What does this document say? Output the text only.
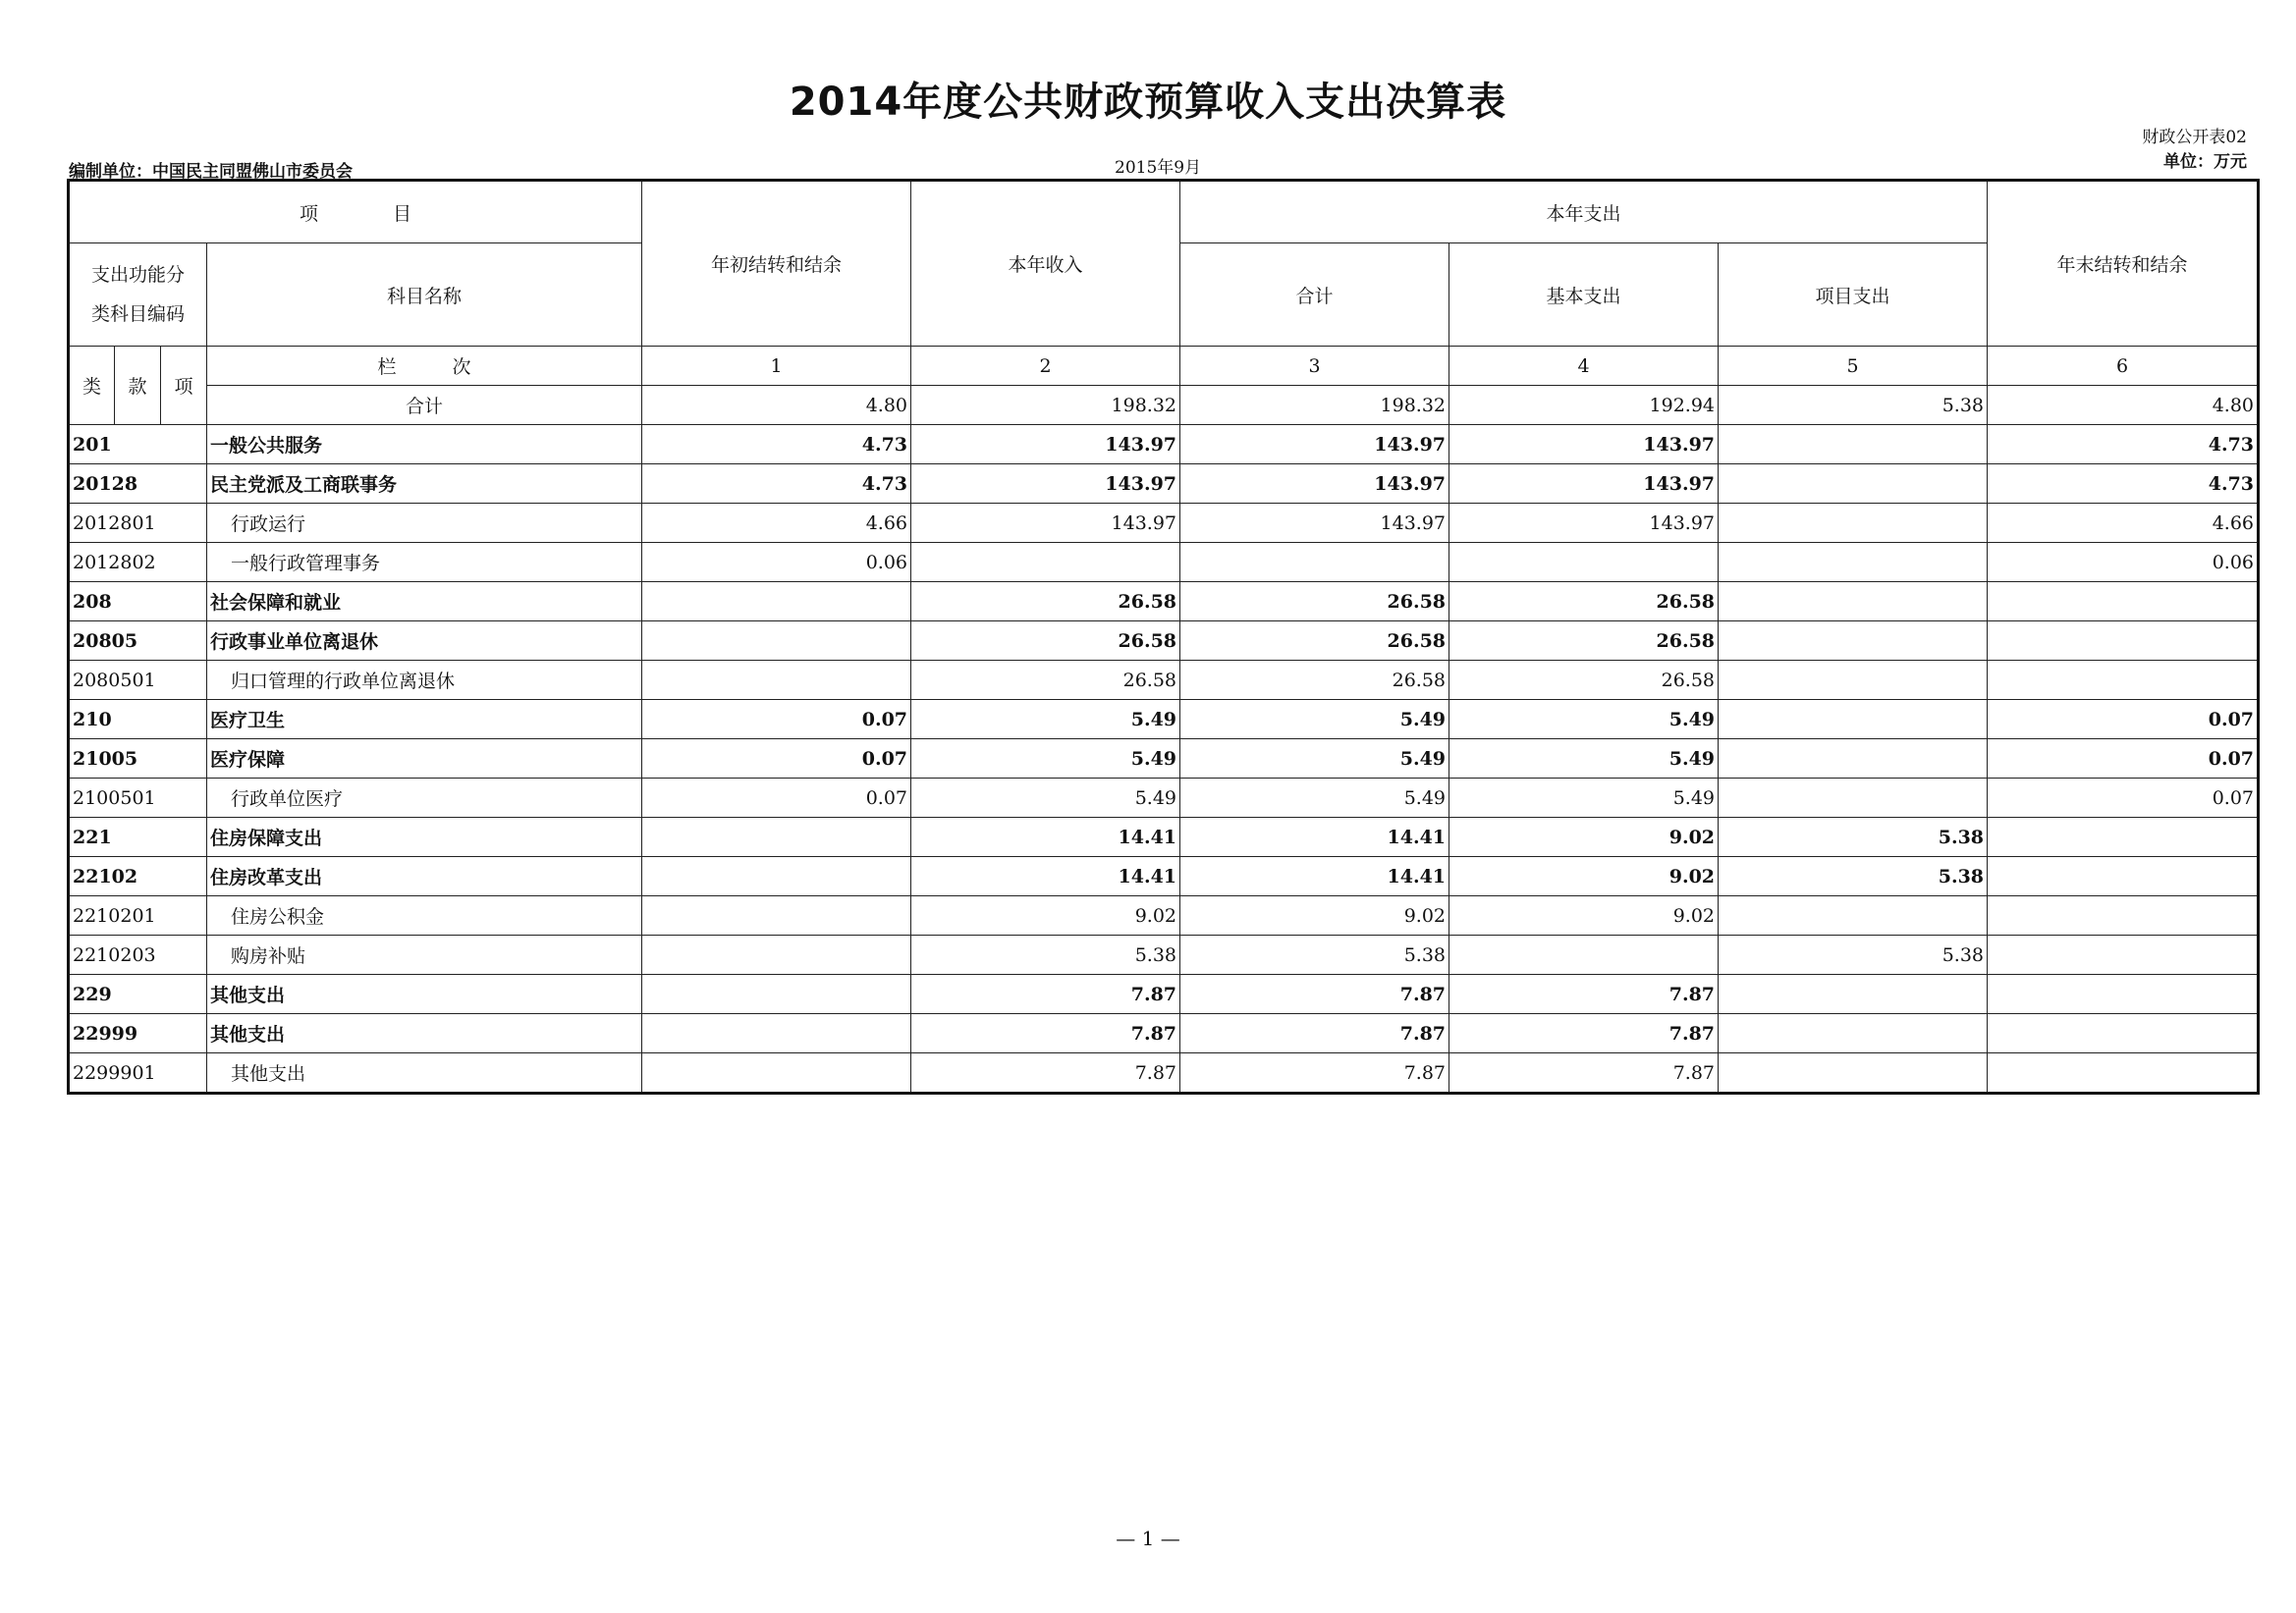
2014年度公共财政预算收入支出决算表
财政公开表02
单位：万元
编制单位：中国民主同盟佛山市委员会	2015年9月
项　　　　目				年初结转和结余	本年收入	本年支出			年末结转和结余

支出功能分
类科目编码			科目名称			合计	基本支出	项目支出	
类	款	项	栏　　　次	1	2	3	4	5	6
			合计	4.80	198.32	198.32	192.94	5.38	4.80
201			一般公共服务	4.73	143.97	143.97	143.97		4.73
20128			民主党派及工商联事务	4.73	143.97	143.97	143.97		4.73
2012801			行政运行	4.66	143.97	143.97	143.97		4.66
2012802			一般行政管理事务	0.06					0.06
208			社会保障和就业		26.58	26.58	26.58		
20805			行政事业单位离退休		26.58	26.58	26.58		
2080501			归口管理的行政单位离退休		26.58	26.58	26.58		
210			医疗卫生	0.07	5.49	5.49	5.49		0.07
21005			医疗保障	0.07	5.49	5.49	5.49		0.07
2100501			行政单位医疗	0.07	5.49	5.49	5.49		0.07
221			住房保障支出		14.41	14.41	9.02	5.38	
22102			住房改革支出		14.41	14.41	9.02	5.38	
2210201			住房公积金		9.02	9.02	9.02		
2210203			购房补贴		5.38	5.38		5.38	
229			其他支出		7.87	7.87	7.87		
22999			其他支出		7.87	7.87	7.87		
2299901			其他支出		7.87	7.87	7.87		
— 1 —
